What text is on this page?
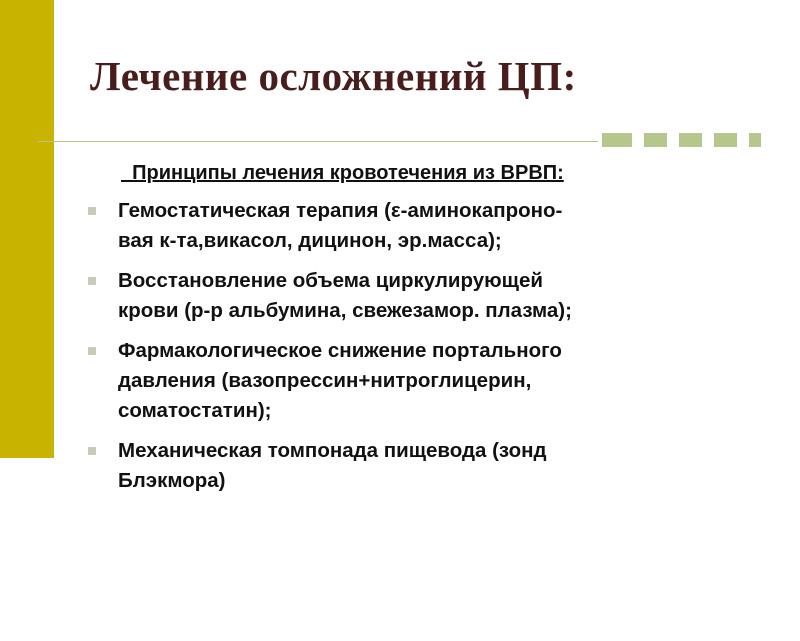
Лечение осложнений ЦП:
Принципы лечения кровотечения из ВРВП:
Гемостатическая терапия (ε-аминокапроно-
вая к-та,викасол, дицинон, эр.масса);
Восстановление объема циркулирующей
крови (р-р альбумина, свежезамор. плазма);
Фармакологическое снижение портального
давления (вазопрессин+нитроглицерин,
соматостатин);
Механическая томпонада пищевода (зонд
Блэкмора)
